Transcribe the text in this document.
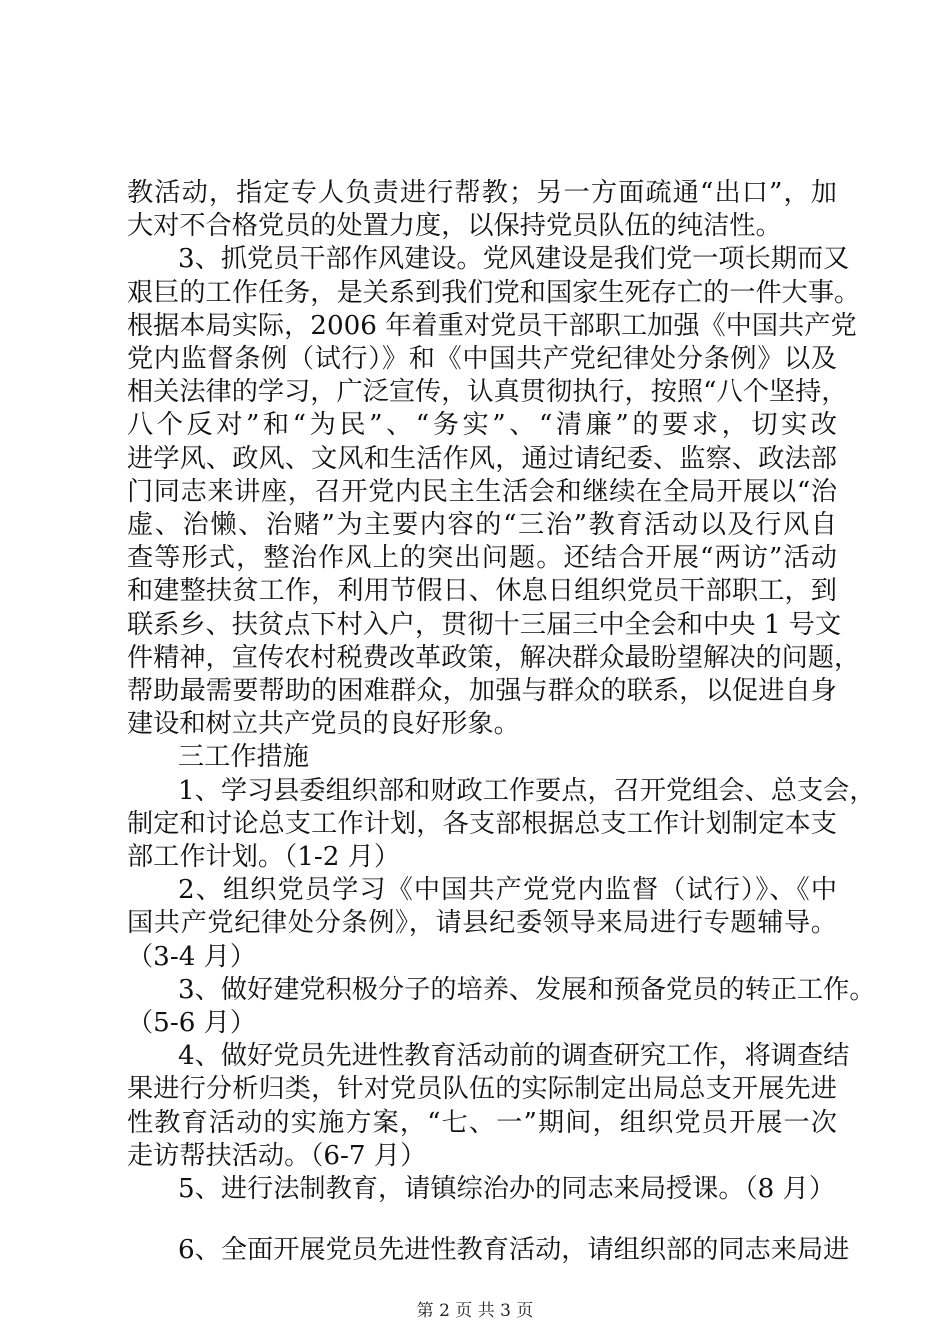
教活动，指定专人负责进行帮教；另一方面疏通“出口”，加
大对不合格党员的处置力度，以保持党员队伍的纯洁性。
3、抓党员干部作风建设。党风建设是我们党一项长期而又
艰巨的工作任务，是关系到我们党和国家生死存亡的一件大事。
根据本局实际，2006 年着重对党员干部职工加强《中国共产党
党内监督条例（试行）》和《中国共产党纪律处分条例》以及
相关法律的学习，广泛宣传，认真贯彻执行，按照“八个坚持，
八个反对”和“为民”、“务实”、“清廉”的要求，切实改
进学风、政风、文风和生活作风，通过请纪委、监察、政法部
门同志来讲座，召开党内民主生活会和继续在全局开展以“治
虚、治懒、治赌”为主要内容的“三治”教育活动以及行风自
查等形式，整治作风上的突出问题。还结合开展“两访”活动
和建整扶贫工作，利用节假日、休息日组织党员干部职工，到
联系乡、扶贫点下村入户，贯彻十三届三中全会和中央 1 号文
件精神，宣传农村税费改革政策，解决群众最盼望解决的问题，
帮助最需要帮助的困难群众，加强与群众的联系，以促进自身
建设和树立共产党员的良好形象。
三工作措施
1、学习县委组织部和财政工作要点，召开党组会、总支会，
制定和讨论总支工作计划，各支部根据总支工作计划制定本支
部工作计划。（1-2 月）
2、组织党员学习《中国共产党党内监督（试行）》、《中
国共产党纪律处分条例》，请县纪委领导来局进行专题辅导。
（3-4 月）
3、做好建党积极分子的培养、发展和预备党员的转正工作。
（5-6 月）
4、做好党员先进性教育活动前的调查研究工作，将调查结
果进行分析归类，针对党员队伍的实际制定出局总支开展先进
性教育活动的实施方案，“七、一”期间，组织党员开展一次
走访帮扶活动。（6-7 月）
5、进行法制教育，请镇综治办的同志来局授课。（8 月）
6、全面开展党员先进性教育活动，请组织部的同志来局进
第 2 页 共 3 页
